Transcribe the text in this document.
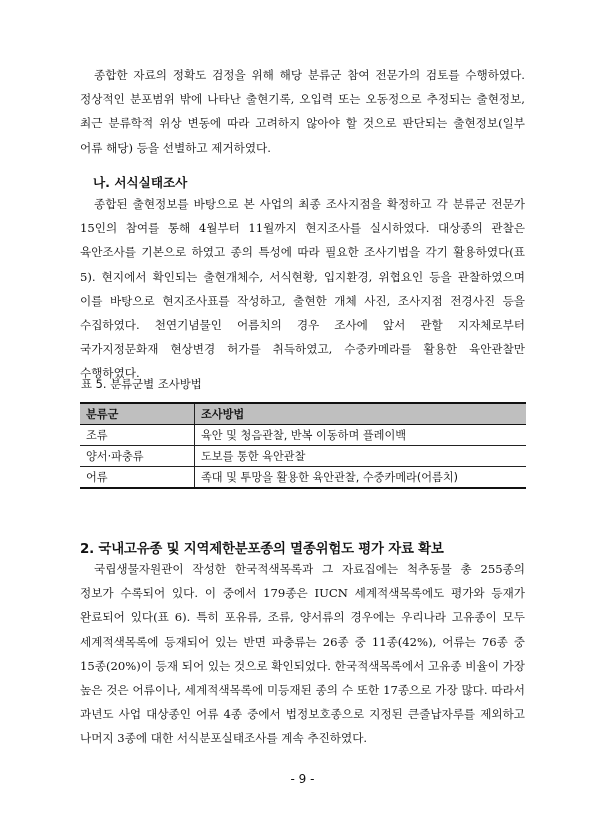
종합한 자료의 정확도 검정을 위해 해당 분류군 참여 전문가의 검토를 수행하였다. 정상적인 분포범위 밖에 나타난 출현기록, 오입력 또는 오동정으로 추정되는 출현정보, 최근 분류학적 위상 변동에 따라 고려하지 않아야 할 것으로 판단되는 출현정보(일부 어류 해당) 등을 선별하고 제거하였다.

나. 서식실태조사

종합된 출현정보를 바탕으로 본 사업의 최종 조사지점을 확정하고 각 분류군 전문가 15인의 참여를 통해 4월부터 11월까지 현지조사를 실시하였다. 대상종의 관찰은 육안조사를 기본으로 하였고 종의 특성에 따라 필요한 조사기법을 각기 활용하였다(표 5). 현지에서 확인되는 출현개체수, 서식현황, 입지환경, 위협요인 등을 관찰하였으며 이를 바탕으로 현지조사표를 작성하고, 출현한 개체 사진, 조사지점 전경사진 등을 수집하였다. 천연기념물인 어름치의 경우 조사에 앞서 관할 지자체로부터 국가지정문화재 현상변경 허가를 취득하였고, 수중카메라를 활용한 육안관찰만 수행하였다.

표 5. 분류군별 조사방법

분류군	조사방법
조류	육안 및 청음관찰, 반복 이동하며 플레이백
양서·파충류	도보를 통한 육안관찰
어류	족대 및 투망을 활용한 육안관찰, 수중카메라(어름치)
2. 국내고유종 및 지역제한분포종의 멸종위험도 평가 자료 확보

국립생물자원관이 작성한 한국적색목록과 그 자료집에는 척추동물 총 255종의 정보가 수록되어 있다. 이 중에서 179종은 IUCN 세계적색목록에도 평가와 등재가 완료되어 있다(표 6). 특히 포유류, 조류, 양서류의 경우에는 우리나라 고유종이 모두 세계적색목록에 등재되어 있는 반면 파충류는 26종 중 11종(42%), 어류는 76종 중 15종(20%)이 등재 되어 있는 것으로 확인되었다. 한국적색목록에서 고유종 비율이 가장 높은 것은 어류이나, 세계적색목록에 미등재된 종의 수 또한 17종으로 가장 많다. 따라서 과년도 사업 대상종인 어류 4종 중에서 법정보호종으로 지정된 큰줄납자루를 제외하고 나머지 3종에 대한 서식분포실태조사를 계속 추진하였다.

- 9 -
